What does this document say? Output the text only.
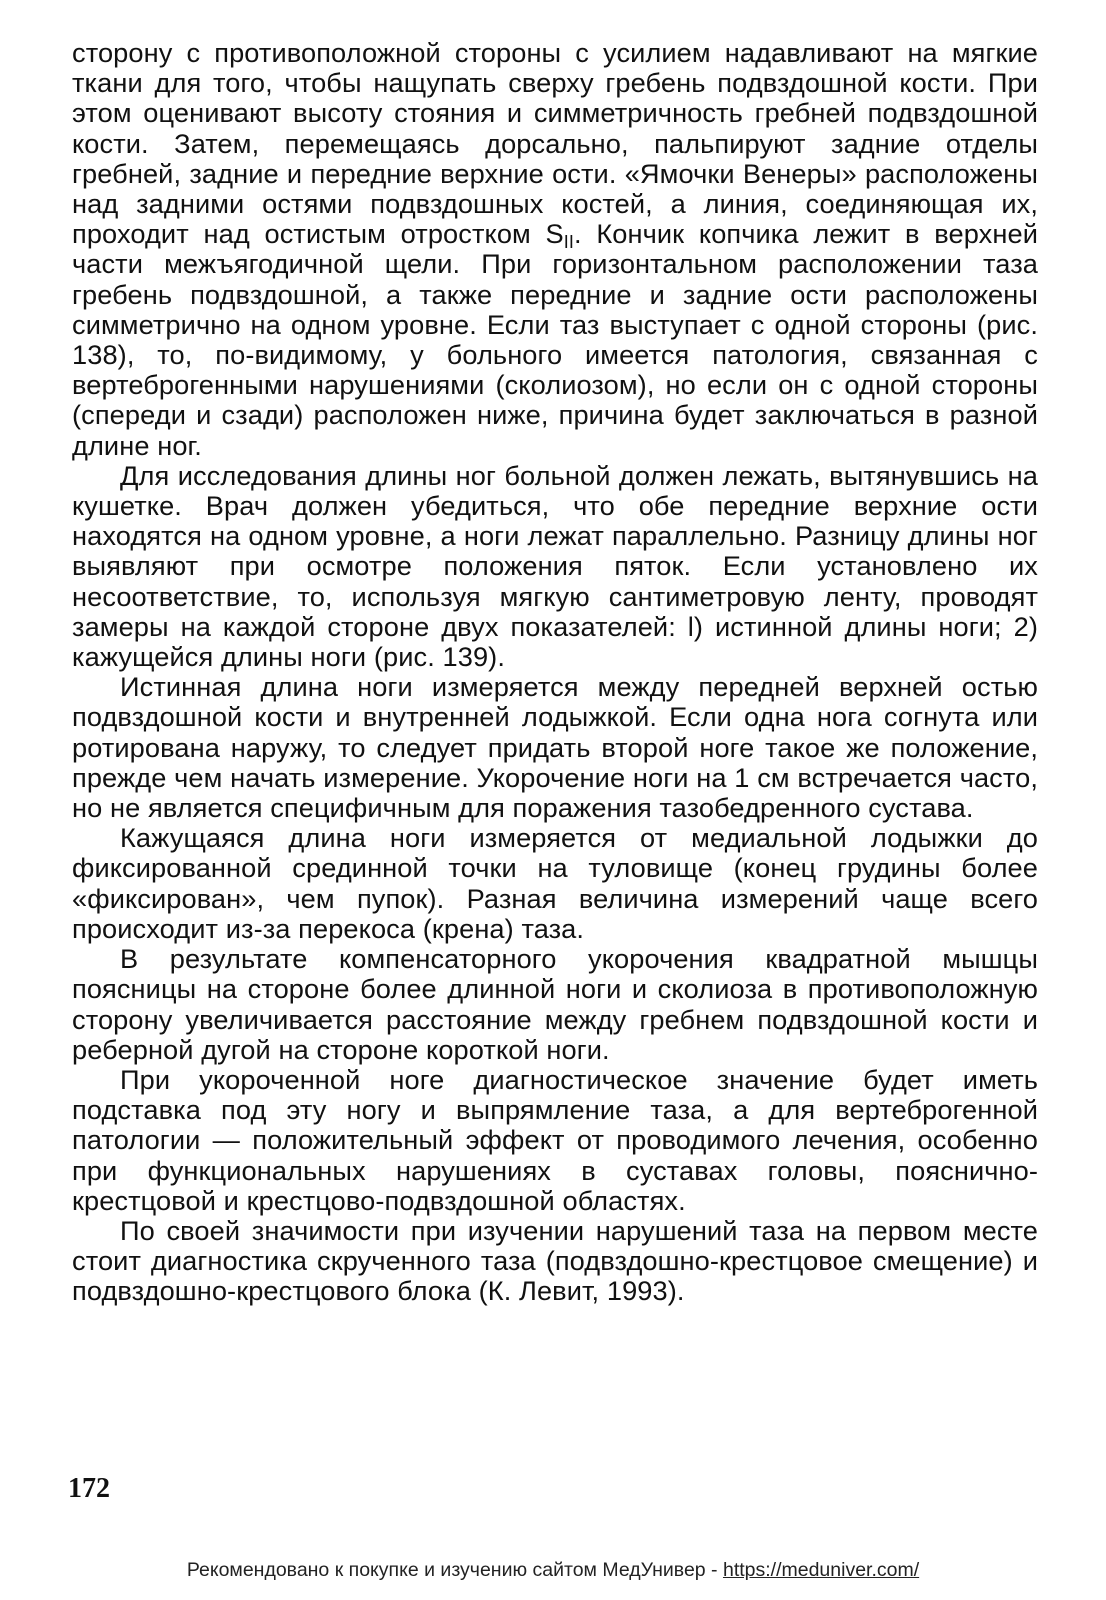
сторону с противоположной стороны с усилием надавливают на мягкие ткани для того, чтобы нащупать сверху гребень подвздошной кости. При этом оценивают высоту стояния и симметричность гребней подвздошной кости. Затем, перемещаясь дорсально, пальпируют задние отделы гребней, задние и передние верхние ости. «Ямочки Венеры» расположены над задними остями подвздошных костей, а линия, соединяющая их, проходит над остистым отростком $S_{II}$. Кончик копчика лежит в верхней части межъягодичной щели. При горизонтальном расположении таза гребень подвздошной, а также передние и задние ости расположены симметрично на одном уровне. Если таз выступает с одной стороны (рис. 138), то, по-видимому, у больного имеется патология, связанная с вертеброгенными нарушениями (сколиозом), но если он с одной стороны (спереди и сзади) расположен ниже, причина будет заключаться в разной длине ног.

Для исследования длины ног больной должен лежать, вытянувшись на кушетке. Врач должен убедиться, что обе передние верхние ости находятся на одном уровне, а ноги лежат параллельно. Разницу длины ног выявляют при осмотре положения пяток. Если установлено их несоответствие, то, используя мягкую сантиметровую ленту, проводят замеры на каждой стороне двух показателей: l) истинной длины ноги; 2) кажущейся длины ноги (рис. 139).

Истинная длина ноги измеряется между передней верхней остью подвздошной кости и внутренней лодыжкой. Если одна нога согнута или ротирована наружу, то следует придать второй ноге такое же положение, прежде чем начать измерение. Укорочение ноги на 1 см встречается часто, но не является специфичным для поражения тазобедренного сустава.

Кажущаяся длина ноги измеряется от медиальной лодыжки до фиксированной срединной точки на туловище (конец грудины более «фиксирован», чем пупок). Разная величина измерений чаще всего происходит из-за перекоса (крена) таза.

В результате компенсаторного укорочения квадратной мышцы поясницы на стороне более длинной ноги и сколиоза в противоположную сторону увеличивается расстояние между гребнем подвздошной кости и реберной дугой на стороне короткой ноги.

При укороченной ноге диагностическое значение будет иметь подставка под эту ногу и выпрямление таза, а для вертеброгенной патологии — положительный эффект от проводимого лечения, особенно при функциональных нарушениях в суставах головы, пояснично-крестцовой и крестцово-подвздошной областях.

По своей значимости при изучении нарушений таза на первом месте стоит диагностика скрученного таза (подвздошно-крестцовое смещение) и подвздошно-крестцового блока (К. Левит, 1993).

172
Рекомендовано к покупке и изучению сайтом МедУнивер - https://meduniver.com/
